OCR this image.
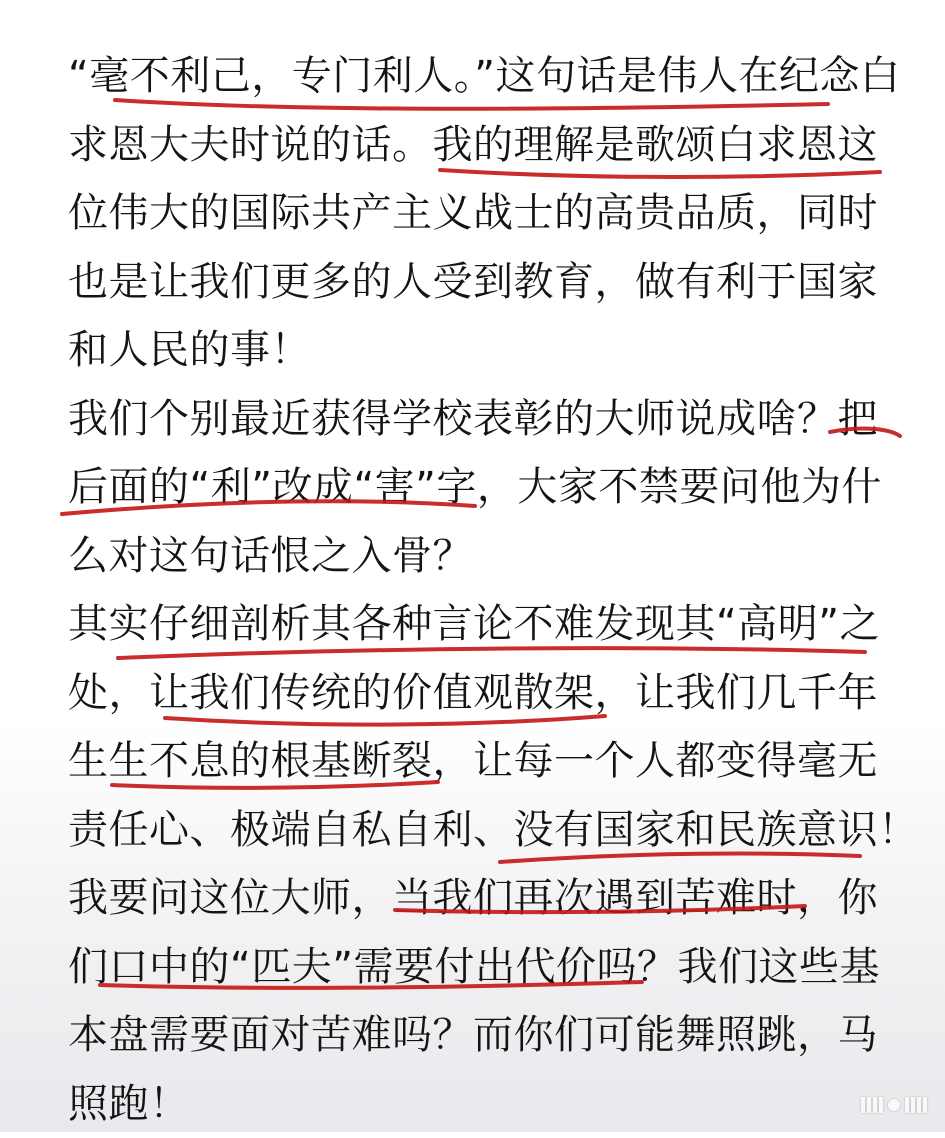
“毫不利己，专门利人。”这句话是伟人在纪念白
求恩大夫时说的话。我的理解是歌颂白求恩这
位伟大的国际共产主义战士的高贵品质，同时
也是让我们更多的人受到教育，做有利于国家
和人民的事！
我们个别最近获得学校表彰的大师说成啥？把
后面的“利”改成“害”字，大家不禁要问他为什
么对这句话恨之入骨？
其实仔细剖析其各种言论不难发现其“高明”之
处，让我们传统的价值观散架，让我们几千年
生生不息的根基断裂，让每一个人都变得毫无
责任心、极端自私自利、没有国家和民族意识！
我要问这位大师，当我们再次遇到苦难时，你
们口中的“匹夫”需要付出代价吗？我们这些基
本盘需要面对苦难吗？而你们可能舞照跳，马
照跑！
